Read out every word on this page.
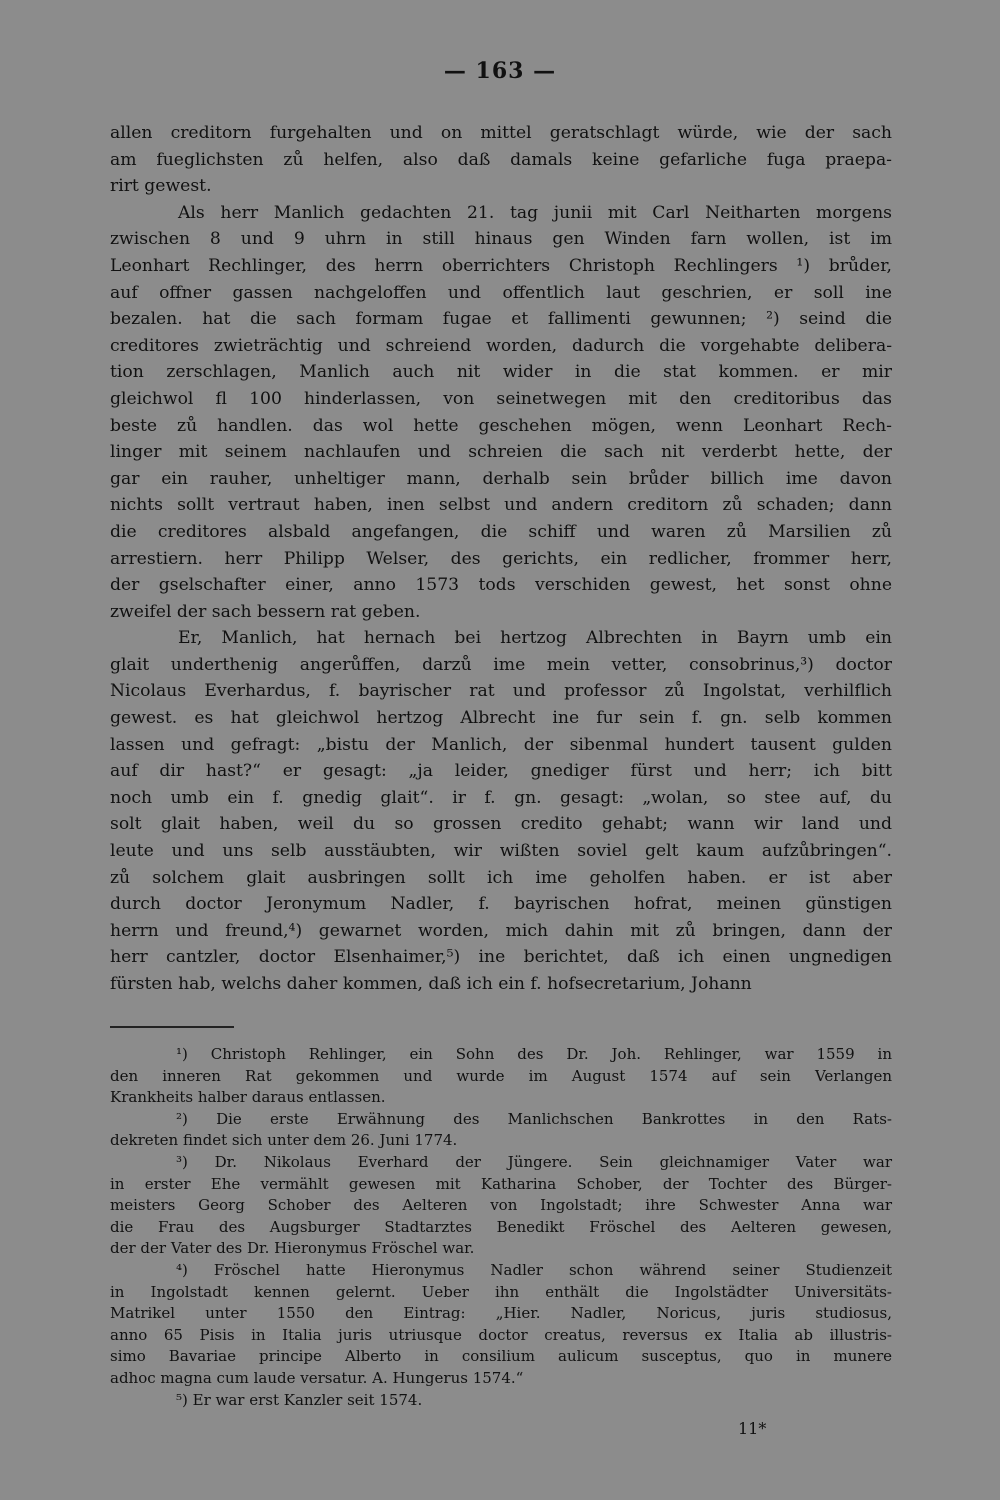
— 163 —
allen creditorn furgehalten und on mittel geratschlagt würde, wie der sach
am fueglichsten zů helfen, also daß damals keine gefarliche fuga praepa-
rirt gewest.
Als herr Manlich gedachten 21. tag junii mit Carl Neitharten morgens
zwischen 8 und 9 uhrn in still hinaus gen Winden farn wollen, ist im
Leonhart Rechlinger, des herrn oberrichters Christoph Rechlingers ¹) brůder,
auf offner gassen nachgeloffen und offentlich laut geschrien, er soll ine
bezalen. hat die sach formam fugae et fallimenti gewunnen; ²) seind die
creditores zwieträchtig und schreiend worden, dadurch die vorgehabte delibera-
tion zerschlagen, Manlich auch nit wider in die stat kommen. er mir
gleichwol fl 100 hinderlassen, von seinetwegen mit den creditoribus das
beste zů handlen. das wol hette geschehen mögen, wenn Leonhart Rech-
linger mit seinem nachlaufen und schreien die sach nit verderbt hette, der
gar ein rauher, unheltiger mann, derhalb sein brůder billich ime davon
nichts sollt vertraut haben, inen selbst und andern creditorn zů schaden; dann
die creditores alsbald angefangen, die schiff und waren zů Marsilien zů
arrestiern. herr Philipp Welser, des gerichts, ein redlicher, frommer herr,
der gselschafter einer, anno 1573 tods verschiden gewest, het sonst ohne
zweifel der sach bessern rat geben.
Er, Manlich, hat hernach bei hertzog Albrechten in Bayrn umb ein
glait underthenig angerůffen, darzů ime mein vetter, consobrinus,³) doctor
Nicolaus Everhardus, f. bayrischer rat und professor zů Ingolstat, verhilflich
gewest. es hat gleichwol hertzog Albrecht ine fur sein f. gn. selb kommen
lassen und gefragt: „bistu der Manlich, der sibenmal hundert tausent gulden
auf dir hast?“ er gesagt: „ja leider, gnediger fürst und herr; ich bitt
noch umb ein f. gnedig glait“. ir f. gn. gesagt: „wolan, so stee auf, du
solt glait haben, weil du so grossen credito gehabt; wann wir land und
leute und uns selb ausstäubten, wir wißten soviel gelt kaum aufzůbringen“.
zů solchem glait ausbringen sollt ich ime geholfen haben. er ist aber
durch doctor Jeronymum Nadler, f. bayrischen hofrat, meinen günstigen
herrn und freund,⁴) gewarnet worden, mich dahin mit zů bringen, dann der
herr cantzler, doctor Elsenhaimer,⁵) ine berichtet, daß ich einen ungnedigen
fürsten hab, welchs daher kommen, daß ich ein f. hofsecretarium, Johann
¹) Christoph Rehlinger, ein Sohn des Dr. Joh. Rehlinger, war 1559 in
den inneren Rat gekommen und wurde im August 1574 auf sein Verlangen
Krankheits halber daraus entlassen.
²) Die erste Erwähnung des Manlichschen Bankrottes in den Rats-
dekreten findet sich unter dem 26. Juni 1774.
³) Dr. Nikolaus Everhard der Jüngere. Sein gleichnamiger Vater war
in erster Ehe vermählt gewesen mit Katharina Schober, der Tochter des Bürger-
meisters Georg Schober des Aelteren von Ingolstadt; ihre Schwester Anna war
die Frau des Augsburger Stadtarztes Benedikt Fröschel des Aelteren gewesen,
der der Vater des Dr. Hieronymus Fröschel war.
⁴) Fröschel hatte Hieronymus Nadler schon während seiner Studienzeit
in Ingolstadt kennen gelernt. Ueber ihn enthält die Ingolstädter Universitäts-
Matrikel unter 1550 den Eintrag: „Hier. Nadler, Noricus, juris studiosus,
anno 65 Pisis in Italia juris utriusque doctor creatus, reversus ex Italia ab illustris-
simo Bavariae principe Alberto in consilium aulicum susceptus, quo in munere
adhoc magna cum laude versatur. A. Hungerus 1574.“
⁵) Er war erst Kanzler seit 1574.
11*
